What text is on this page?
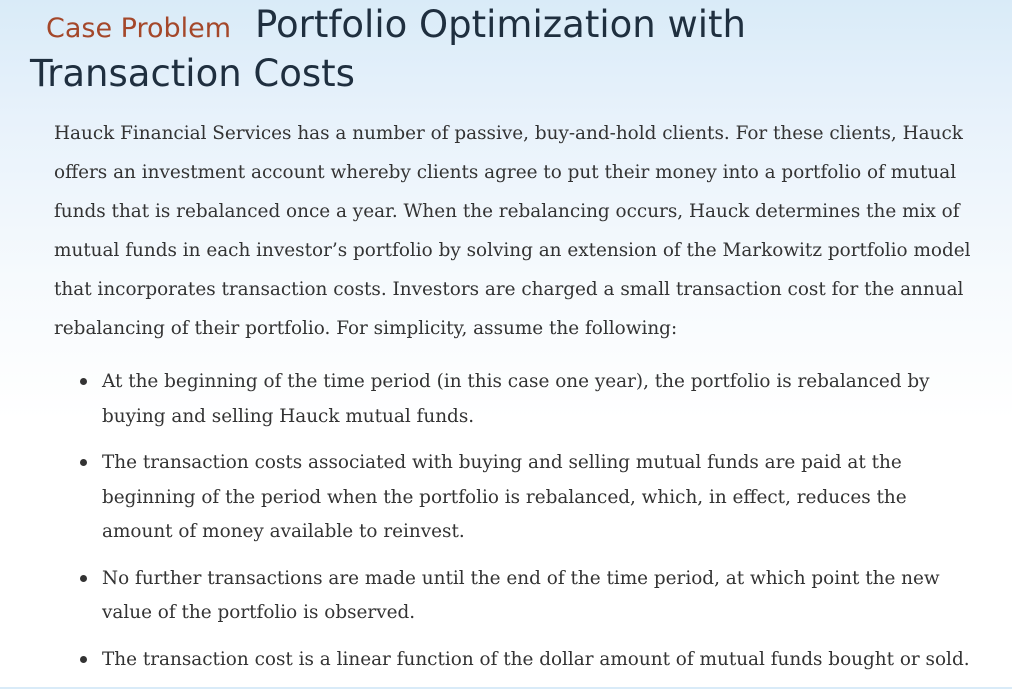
Case Problem Portfolio Optimization with
Transaction Costs

Hauck Financial Services has a number of passive, buy-and-hold clients. For these clients, Hauck offers an investment account whereby clients agree to put their money into a portfolio of mutual funds that is rebalanced once a year. When the rebalancing occurs, Hauck determines the mix of mutual funds in each investor’s portfolio by solving an extension of the Markowitz portfolio model that incorporates transaction costs. Investors are charged a small transaction cost for the annual rebalancing of their portfolio. For simplicity, assume the following:

At the beginning of the time period (in this case one year), the portfolio is rebalanced by buying and selling Hauck mutual funds.
The transaction costs associated with buying and selling mutual funds are paid at the beginning of the period when the portfolio is rebalanced, which, in effect, reduces the amount of money available to reinvest.
No further transactions are made until the end of the time period, at which point the new value of the portfolio is observed.
The transaction cost is a linear function of the dollar amount of mutual funds bought or sold.
